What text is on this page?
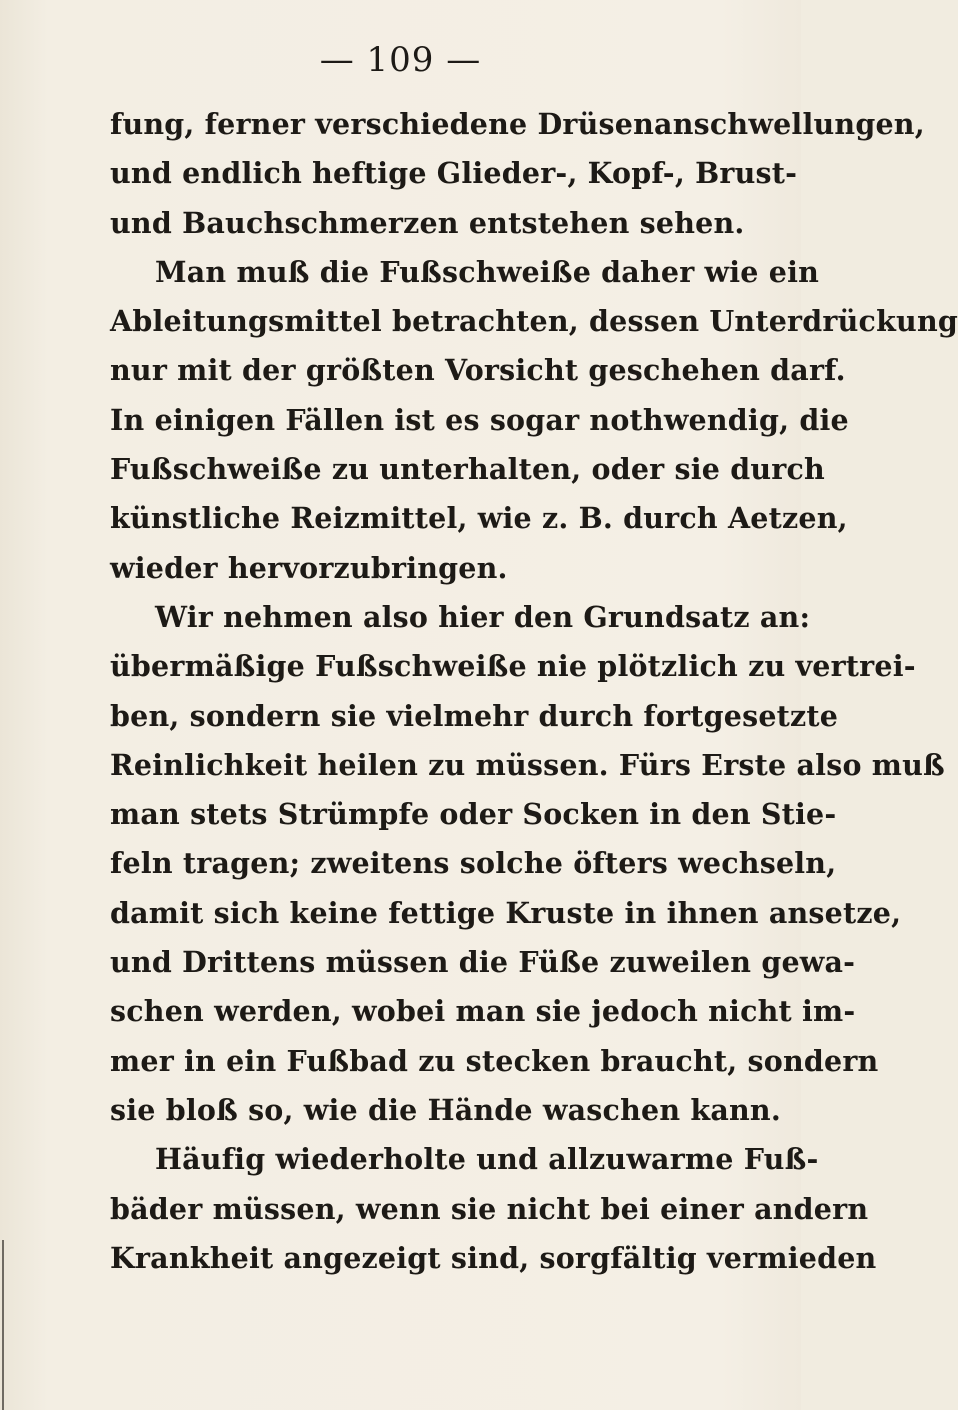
— 109 —
fung, ferner verschiedene Drüsenanschwellungen,
und endlich heftige Glieder-, Kopf-, Brust-
und Bauchschmerzen entstehen sehen.
Man muß die Fußschweiße daher wie ein
Ableitungsmittel betrachten, dessen Unterdrückung
nur mit der größten Vorsicht geschehen darf.
In einigen Fällen ist es sogar nothwendig, die
Fußschweiße zu unterhalten, oder sie durch
künstliche Reizmittel, wie z. B. durch Aetzen,
wieder hervorzubringen.
Wir nehmen also hier den Grundsatz an:
übermäßige Fußschweiße nie plötzlich zu vertrei-
ben, sondern sie vielmehr durch fortgesetzte
Reinlichkeit heilen zu müssen. Fürs Erste also muß
man stets Strümpfe oder Socken in den Stie-
feln tragen; zweitens solche öfters wechseln,
damit sich keine fettige Kruste in ihnen ansetze,
und Drittens müssen die Füße zuweilen gewa-
schen werden, wobei man sie jedoch nicht im-
mer in ein Fußbad zu stecken braucht, sondern
sie bloß so, wie die Hände waschen kann.
Häufig wiederholte und allzuwarme Fuß-
bäder müssen, wenn sie nicht bei einer andern
Krankheit angezeigt sind, sorgfältig vermieden
